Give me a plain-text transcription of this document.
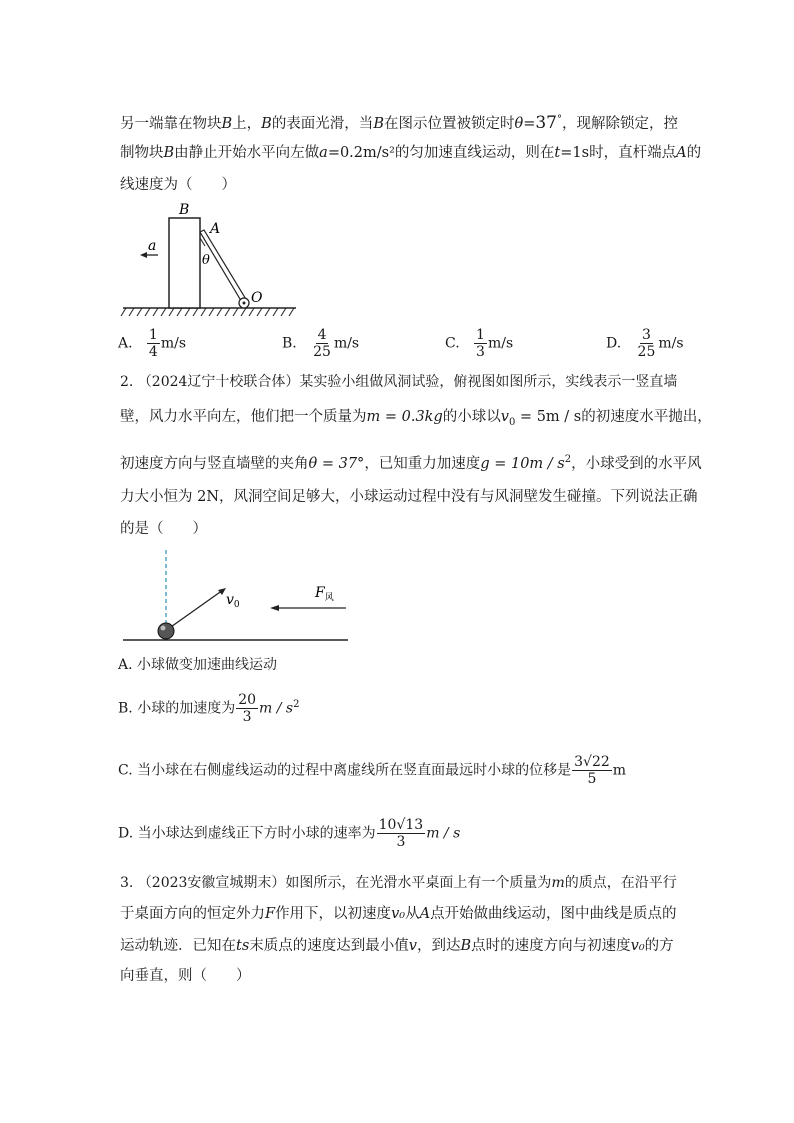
另一端靠在物块B上，B的表面光滑，当B在图示位置被锁定时θ=37°，现解除锁定，控
制物块B由静止开始水平向左做a=0.2m/s²的匀加速直线运动，则在t=1s时，直杆端点A的
线速度为（　　）
a
B
A
θ
O
A. $\frac{1}{4} m/s$	B. $\frac{4}{25} m/s$	C. $\frac{1}{3} m/s$	D. $\frac{3}{25} m/s$
2. （2024辽宁十校联合体）某实验小组做风洞试验，俯视图如图所示，实线表示一竖直墙
壁，风力水平向左，他们把一个质量为m = 0.3kg的小球以$v_0 = 5m / s$的初速度水平抛出，
初速度方向与竖直墙壁的夹角θ = 37°，已知重力加速度$g = 10m / s^2$，小球受到的水平风
力大小恒为 2N，风洞空间足够大，小球运动过程中没有与风洞壁发生碰撞。下列说法正确
的是（　　）
$v_0$
$F_风$
A. 小球做变加速曲线运动
B. 小球的加速度为 $\frac{20}{3}$ m / $s^2$
C. 当小球在右侧虚线运动的过程中离虚线所在竖直面最远时小球的位移是 $\frac{3√22}{5}$ m
D. 当小球达到虚线正下方时小球的速率为 $\frac{10√13}{3}$ m / s
3. （2023安徽宣城期末）如图所示，在光滑水平桌面上有一个质量为m的质点，在沿平行
于桌面方向的恒定外力F作用下，以初速度v₀从A点开始做曲线运动，图中曲线是质点的
运动轨迹．已知在ts末质点的速度达到最小值v，到达B点时的速度方向与初速度v₀的方
向垂直，则（　　）
